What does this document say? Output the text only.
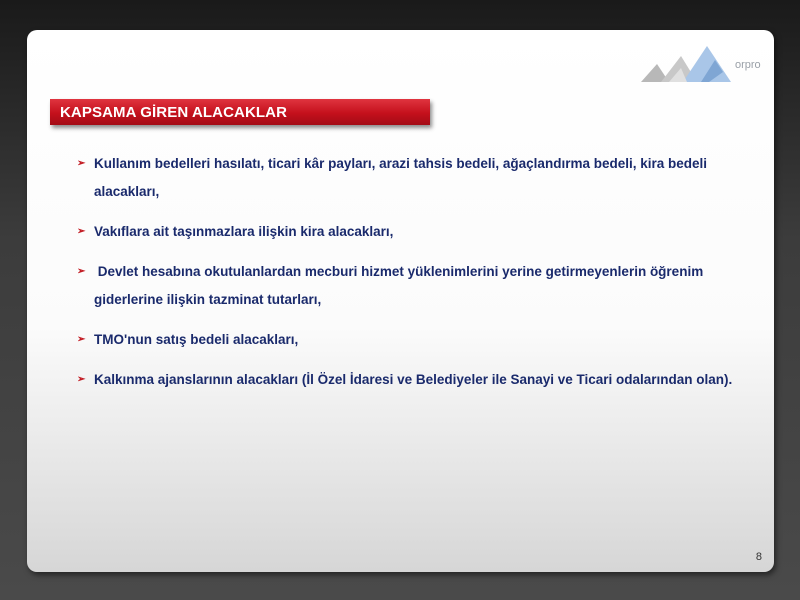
orpro
KAPSAMA GİREN ALACAKLAR
➢ Kullanım bedelleri hasılatı, ticari kâr payları, arazi tahsis bedeli, ağaçlandırma bedeli, kira bedeli alacakları,
➢ Vakıflara ait taşınmazlara ilişkin kira alacakları,
➢ Devlet hesabına okutulanlardan mecburi hizmet yüklenimlerini yerine getirmeyenlerin öğrenim giderlerine ilişkin tazminat tutarları,
➢ TMO'nun satış bedeli alacakları,
➢ Kalkınma ajanslarının alacakları (İl Özel İdaresi ve Belediyeler ile Sanayi ve Ticari odalarından olan).
8
